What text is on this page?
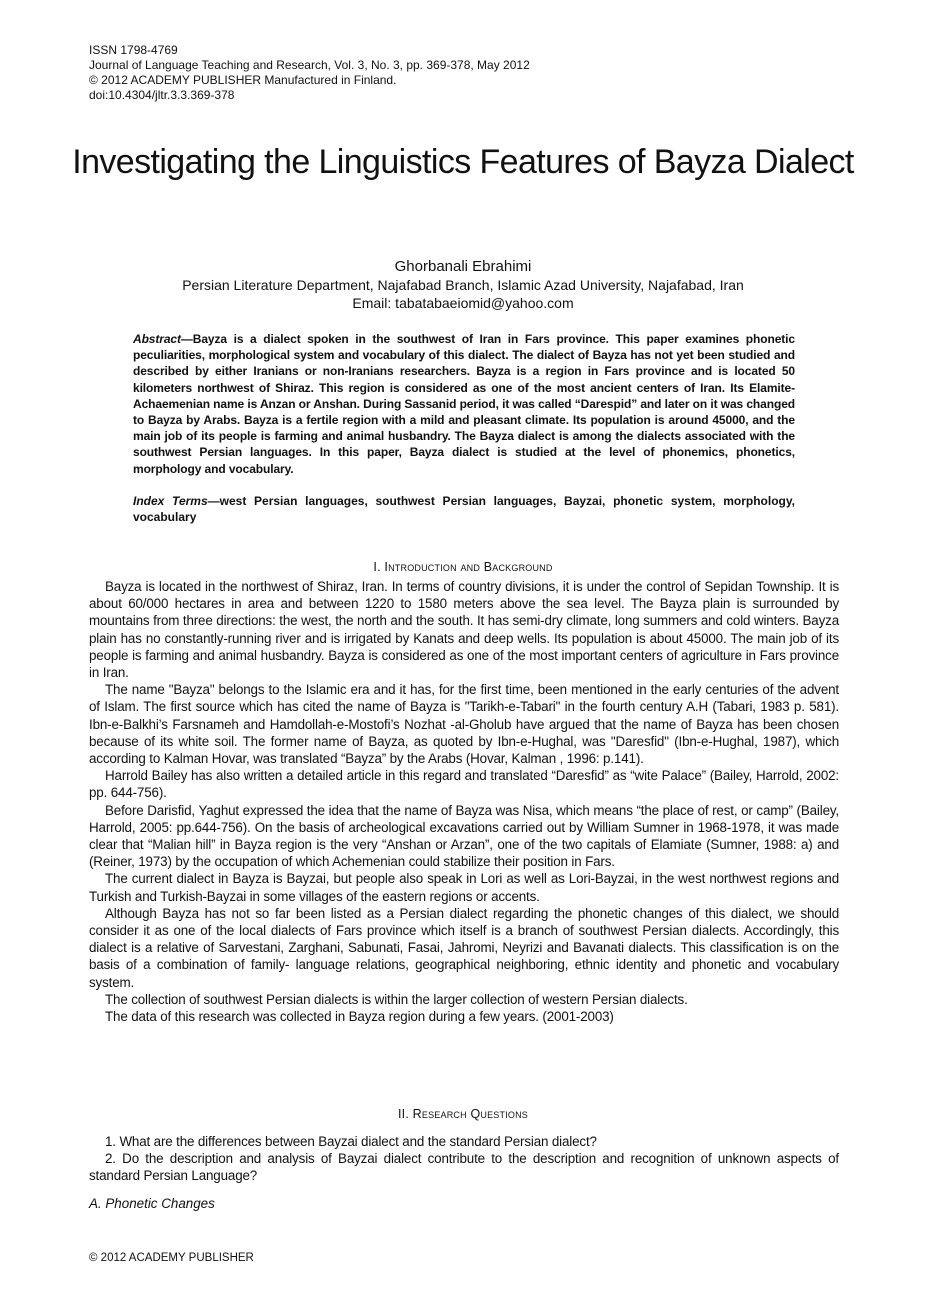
ISSN 1798-4769
Journal of Language Teaching and Research, Vol. 3, No. 3, pp. 369-378, May 2012
© 2012 ACADEMY PUBLISHER Manufactured in Finland.
doi:10.4304/jltr.3.3.369-378
Investigating the Linguistics Features of Bayza Dialect
Ghorbanali Ebrahimi
Persian Literature Department, Najafabad Branch, Islamic Azad University, Najafabad, Iran
Email: tabatabaeiomid@yahoo.com
Abstract—Bayza is a dialect spoken in the southwest of Iran in Fars province. This paper examines phonetic peculiarities, morphological system and vocabulary of this dialect. The dialect of Bayza has not yet been studied and described by either Iranians or non-Iranians researchers. Bayza is a region in Fars province and is located 50 kilometers northwest of Shiraz. This region is considered as one of the most ancient centers of Iran. Its Elamite-Achaemenian name is Anzan or Anshan. During Sassanid period, it was called “Darespid” and later on it was changed to Bayza by Arabs. Bayza is a fertile region with a mild and pleasant climate. Its population is around 45000, and the main job of its people is farming and animal husbandry. The Bayza dialect is among the dialects associated with the southwest Persian languages. In this paper, Bayza dialect is studied at the level of phonemics, phonetics, morphology and vocabulary.
Index Terms—west Persian languages, southwest Persian languages, Bayzai, phonetic system, morphology, vocabulary
I. Introduction and Background

Bayza is located in the northwest of Shiraz, Iran. In terms of country divisions, it is under the control of Sepidan Township. It is about 60/000 hectares in area and between 1220 to 1580 meters above the sea level. The Bayza plain is surrounded by mountains from three directions: the west, the north and the south. It has semi-dry climate, long summers and cold winters. Bayza plain has no constantly-running river and is irrigated by Kanats and deep wells. Its population is about 45000. The main job of its people is farming and animal husbandry. Bayza is considered as one of the most important centers of agriculture in Fars province in Iran.

The name "Bayza" belongs to the Islamic era and it has, for the first time, been mentioned in the early centuries of the advent of Islam. The first source which has cited the name of Bayza is "Tarikh-e-Tabari" in the fourth century A.H (Tabari, 1983 p. 581). Ibn-e-Balkhi’s Farsnameh and Hamdollah-e-Mostofi’s Nozhat -al-Gholub have argued that the name of Bayza has been chosen because of its white soil. The former name of Bayza, as quoted by Ibn-e-Hughal, was "Daresfid" (Ibn-e-Hughal, 1987), which according to Kalman Hovar, was translated “Bayza” by the Arabs (Hovar, Kalman , 1996: p.141).

Harrold Bailey has also written a detailed article in this regard and translated “Daresfid” as “wite Palace” (Bailey, Harrold, 2002: pp. 644-756).

Before Darisfid, Yaghut expressed the idea that the name of Bayza was Nisa, which means “the place of rest, or camp” (Bailey, Harrold, 2005: pp.644-756). On the basis of archeological excavations carried out by William Sumner in 1968-1978, it was made clear that “Malian hill” in Bayza region is the very “Anshan or Arzan”, one of the two capitals of Elamiate (Sumner, 1988: a) and (Reiner, 1973) by the occupation of which Achemenian could stabilize their position in Fars.

The current dialect in Bayza is Bayzai, but people also speak in Lori as well as Lori-Bayzai, in the west northwest regions and Turkish and Turkish-Bayzai in some villages of the eastern regions or accents.

Although Bayza has not so far been listed as a Persian dialect regarding the phonetic changes of this dialect, we should consider it as one of the local dialects of Fars province which itself is a branch of southwest Persian dialects. Accordingly, this dialect is a relative of Sarvestani, Zarghani, Sabunati, Fasai, Jahromi, Neyrizi and Bavanati dialects. This classification is on the basis of a combination of family- language relations, geographical neighboring, ethnic identity and phonetic and vocabulary system.

The collection of southwest Persian dialects is within the larger collection of western Persian dialects.

The data of this research was collected in Bayza region during a few years. (2001-2003)

II. Research Questions

1. What are the differences between Bayzai dialect and the standard Persian dialect?

2. Do the description and analysis of Bayzai dialect contribute to the description and recognition of unknown aspects of standard Persian Language?

A. Phonetic Changes
© 2012 ACADEMY PUBLISHER
